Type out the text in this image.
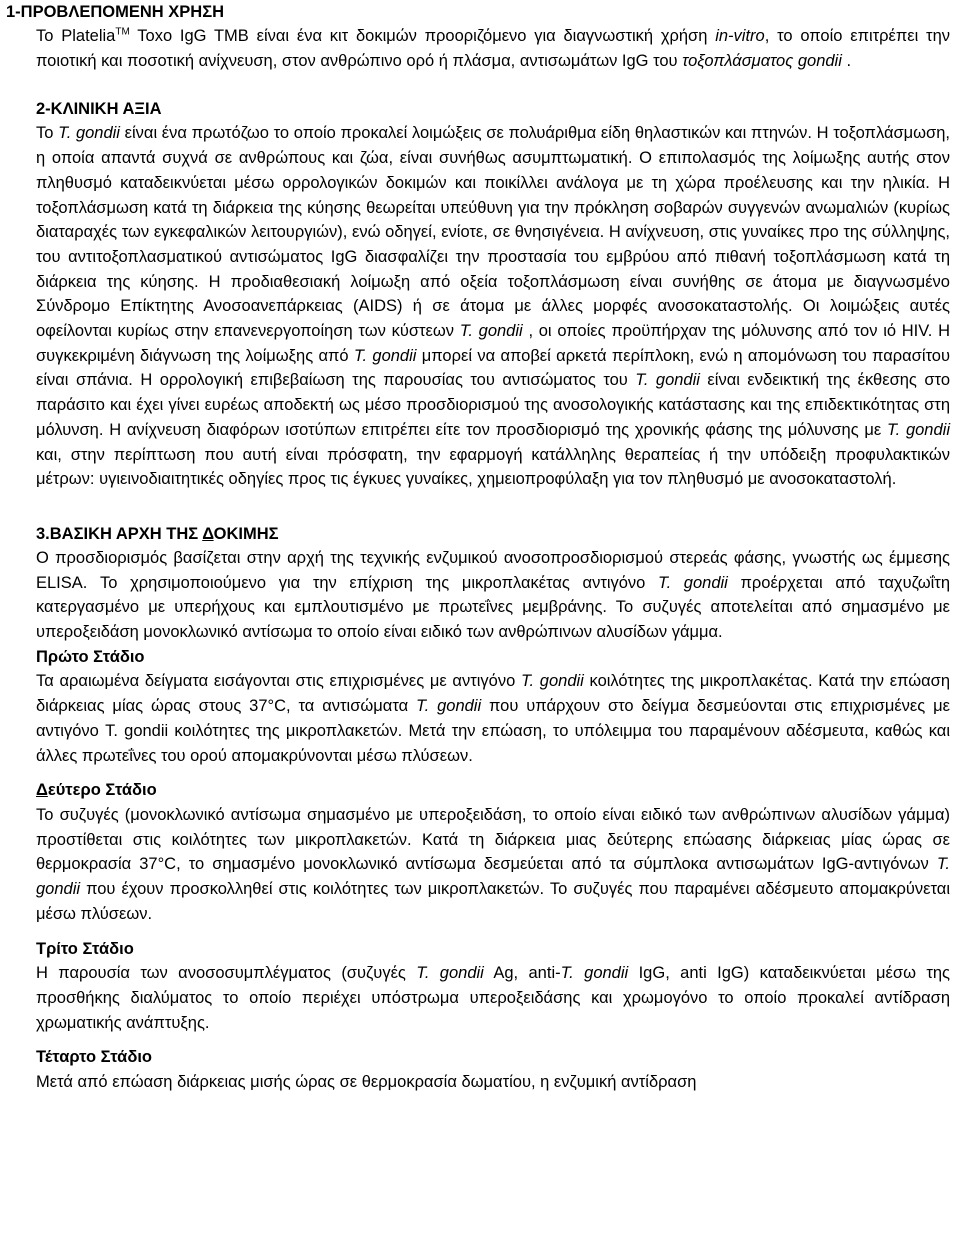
1-ΠΡΟΒΛΕΠΟΜΕΝΗ ΧΡΗΣΗ

Το Platelia™ Toxo IgG TMB είναι ένα κιτ δοκιμών προοριζόμενο για διαγνωστική χρήση in-vitro, το οποίο επιτρέπει την ποιοτική και ποσοτική ανίχνευση, στον ανθρώπινο ορό ή πλάσμα, αντισωμάτων IgG του τοξοπλάσματος gondii .

2-ΚΛΙΝΙΚΗ ΑΞΙΑ

Το T. gondii είναι ένα πρωτόζωο το οποίο προκαλεί λοιμώξεις σε πολυάριθμα είδη θηλαστικών και πτηνών. Η τοξοπλάσμωση, η οποία απαντά συχνά σε ανθρώπους και ζώα, είναι συνήθως ασυμπτωματική. Ο επιπολασμός της λοίμωξης αυτής στον πληθυσμό καταδεικνύεται μέσω ορρολογικών δοκιμών και ποικίλλει ανάλογα με τη χώρα προέλευσης και την ηλικία. Η τοξοπλάσμωση κατά τη διάρκεια της κύησης θεωρείται υπεύθυνη για την πρόκληση σοβαρών συγγενών ανωμαλιών (κυρίως διαταραχές των εγκεφαλικών λειτουργιών), ενώ οδηγεί, ενίοτε, σε θνησιγένεια. Η ανίχνευση, στις γυναίκες προ της σύλληψης, του αντιτοξοπλασματικού αντισώματος IgG διασφαλίζει την προστασία του εμβρύου από πιθανή τοξοπλάσμωση κατά τη διάρκεια της κύησης. Η προδιαθεσιακή λοίμωξη από οξεία τοξοπλάσμωση είναι συνήθης σε άτομα με διαγνωσμένο Σύνδρομο Επίκτητης Ανοσοανεπάρκειας (AIDS) ή σε άτομα με άλλες μορφές ανοσοκαταστολής. Οι λοιμώξεις αυτές οφείλονται κυρίως στην επανενεργοποίηση των κύστεων T. gondii , οι οποίες προϋπήρχαν της μόλυνσης από τον ιό HIV. Η συγκεκριμένη διάγνωση της λοίμωξης από T. gondii μπορεί να αποβεί αρκετά περίπλοκη, ενώ η απομόνωση του παρασίτου είναι σπάνια. Η ορρολογική επιβεβαίωση της παρουσίας του αντισώματος του T. gondii είναι ενδεικτική της έκθεσης στο παράσιτο και έχει γίνει ευρέως αποδεκτή ως μέσο προσδιορισμού της ανοσολογικής κατάστασης και της επιδεκτικότητας στη μόλυνση. Η ανίχνευση διαφόρων ισοτύπων επιτρέπει είτε τον προσδιορισμό της χρονικής φάσης της μόλυνσης με T. gondii και, στην περίπτωση που αυτή είναι πρόσφατη, την εφαρμογή κατάλληλης θεραπείας ή την υπόδειξη προφυλακτικών μέτρων: υγιεινοδιαιτητικές οδηγίες προς τις έγκυες γυναίκες, χημειοπροφύλαξη για τον πληθυσμό με ανοσοκαταστολή.

3.ΒΑΣΙΚΗ ΑΡΧΗ ΤΗΣ ΔΟΚΙΜΗΣ

Ο προσδιορισμός βασίζεται στην αρχή της τεχνικής ενζυμικού ανοσοπροσδιορισμού στερεάς φάσης, γνωστής ως έμμεσης ELISA. Το χρησιμοποιούμενο για την επίχριση της μικροπλακέτας αντιγόνο T. gondii προέρχεται από ταχυζωΐτη κατεργασμένο με υπερήχους και εμπλουτισμένο με πρωτεΐνες μεμβράνης. Το συζυγές αποτελείται από σημασμένο με υπεροξειδάση μονοκλωνικό αντίσωμα το οποίο είναι ειδικό των ανθρώπινων αλυσίδων γάμμα.

Πρώτο Στάδιο

Τα αραιωμένα δείγματα εισάγονται στις επιχρισμένες με αντιγόνο T. gondii κοιλότητες της μικροπλακέτας. Κατά την επώαση διάρκειας μίας ώρας στους 37°C, τα αντισώματα T. gondii που υπάρχουν στο δείγμα δεσμεύονται στις επιχρισμένες με αντιγόνο T. gondii κοιλότητες της μικροπλακετών. Μετά την επώαση, το υπόλειμμα του παραμένουν αδέσμευτα, καθώς και άλλες πρωτεΐνες του ορού απομακρύνονται μέσω πλύσεων.

Δεύτερο Στάδιο

Το συζυγές (μονοκλωνικό αντίσωμα σημασμένο με υπεροξειδάση, το οποίο είναι ειδικό των ανθρώπινων αλυσίδων γάμμα) προστίθεται στις κοιλότητες των μικροπλακετών. Κατά τη διάρκεια μιας δεύτερης επώασης διάρκειας μίας ώρας σε θερμοκρασία 37°C, το σημασμένο μονοκλωνικό αντίσωμα δεσμεύεται από τα σύμπλοκα αντισωμάτων IgG-αντιγόνων T. gondii που έχουν προσκολληθεί στις κοιλότητες των μικροπλακετών. Το συζυγές που παραμένει αδέσμευτο απομακρύνεται μέσω πλύσεων.

Τρίτο Στάδιο

Η παρουσία των ανοσοσυμπλέγματος (συζυγές T. gondii Ag, anti-T. gondii IgG, anti IgG) καταδεικνύεται μέσω της προσθήκης διαλύματος το οποίο περιέχει υπόστρωμα υπεροξειδάσης και χρωμογόνο το οποίο προκαλεί αντίδραση χρωματικής ανάπτυξης.

Τέταρτο Στάδιο

Μετά από επώαση διάρκειας μισής ώρας σε θερμοκρασία δωματίου, η ενζυμική αντίδραση
